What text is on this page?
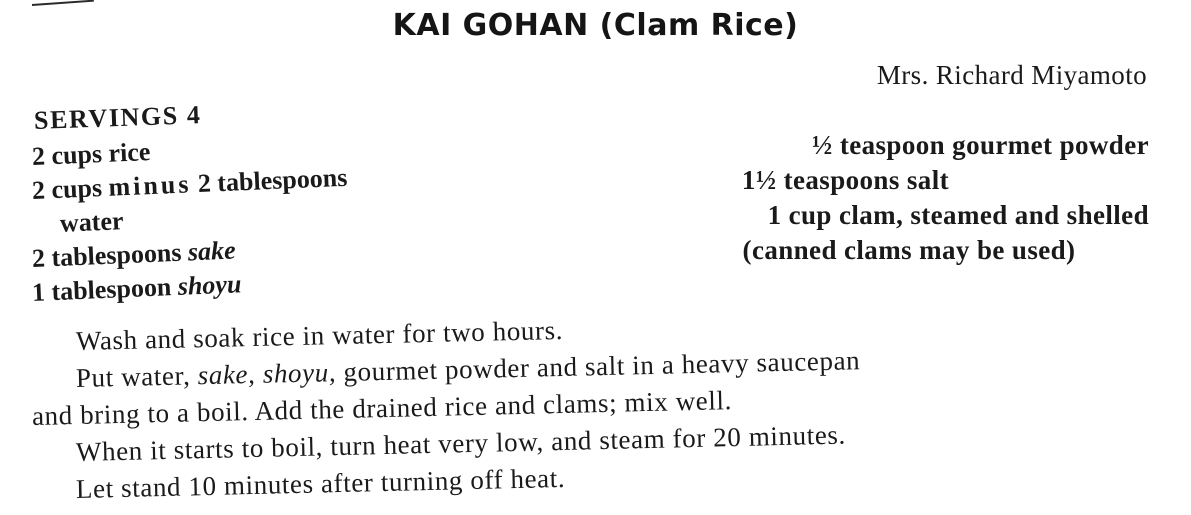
KAI GOHAN (Clam Rice)
Mrs. Richard Miyamoto
SERVINGS 4
2 cups rice
2 cups minus 2 tablespoons
water
2 tablespoons sake
1 tablespoon shoyu
½ teaspoon gourmet powder
1½ teaspoons salt
1 cup clam, steamed and shelled
(canned clams may be used)
Wash and soak rice in water for two hours.
Put water, sake, shoyu, gourmet powder and salt in a heavy saucepan
and bring to a boil. Add the drained rice and clams; mix well.
When it starts to boil, turn heat very low, and steam for 20 minutes.
Let stand 10 minutes after turning off heat.
